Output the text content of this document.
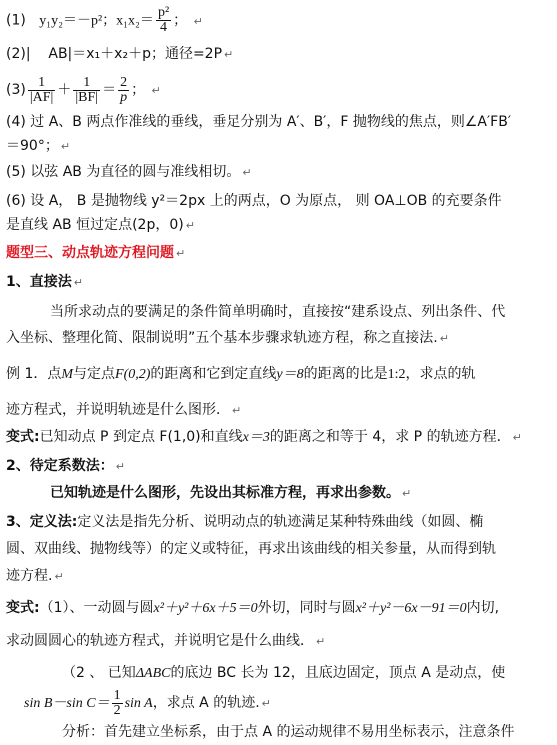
(1) y₁y₂＝－p²；$x_1x_2= \frac{\text{p²}}{4}$ ； ↵
(2)| AB|＝x₁＋x₂＋p；通径=2P ↵
$(3) \frac{1}{|AF|} + \frac{1}{|BF|} = \frac{2}{p}$ ； ↵
(4) 过 A、B 两点作准线的垂线，垂足分别为 A′、B′，F 抛物线的焦点，则∠A′FB′
＝90°； ↵
(5) 以弦 AB 为直径的圆与准线相切。 ↵
(6) 设 A， B 是抛物线 y²＝2px 上的两点，O 为原点， 则 OA⊥OB 的充要条件
是直线 AB 恒过定点(2p，0) ↵
题型三、动点轨迹方程问题 ↵
1、直接法 ↵
当所求动点的要满足的条件简单明确时，直接按“建系设点、列出条件、代
入坐标、整理化简、限制说明”五个基本步骤求轨迹方程，称之直接法. ↵
例 1．点M与定点F(0,2)的距离和它到定直线y＝8的距离的比是1:2，求点的轨
迹方程式，并说明轨迹是什么图形． ↵
变式:已知动点 P 到定点 F(1,0)和直线x＝3的距离之和等于 4，求 P 的轨迹方程． ↵
2、待定系数法： ↵
已知轨迹是什么图形，先设出其标准方程，再求出参数。 ↵
3、定义法:定义法是指先分析、说明动点的轨迹满足某种特殊曲线（如圆、椭
圆、双曲线、抛物线等）的定义或特征，再求出该曲线的相关参量，从而得到轨
迹方程. ↵
变式:（1）、一动圆与圆x²＋y²＋6x＋5＝0外切，同时与圆x²＋y²－6x－91＝0内切,
求动圆圆心的轨迹方程式，并说明它是什么曲线． ↵
（2 、 已知ΔABC的底边 BC 长为 12，且底边固定，顶点 A 是动点，使
sin B－sin $C= \frac{1}{2}$ sin A，求点 A 的轨迹. ↵
分析：首先建立坐标系，由于点 A 的运动规律不易用坐标表示，注意条件
